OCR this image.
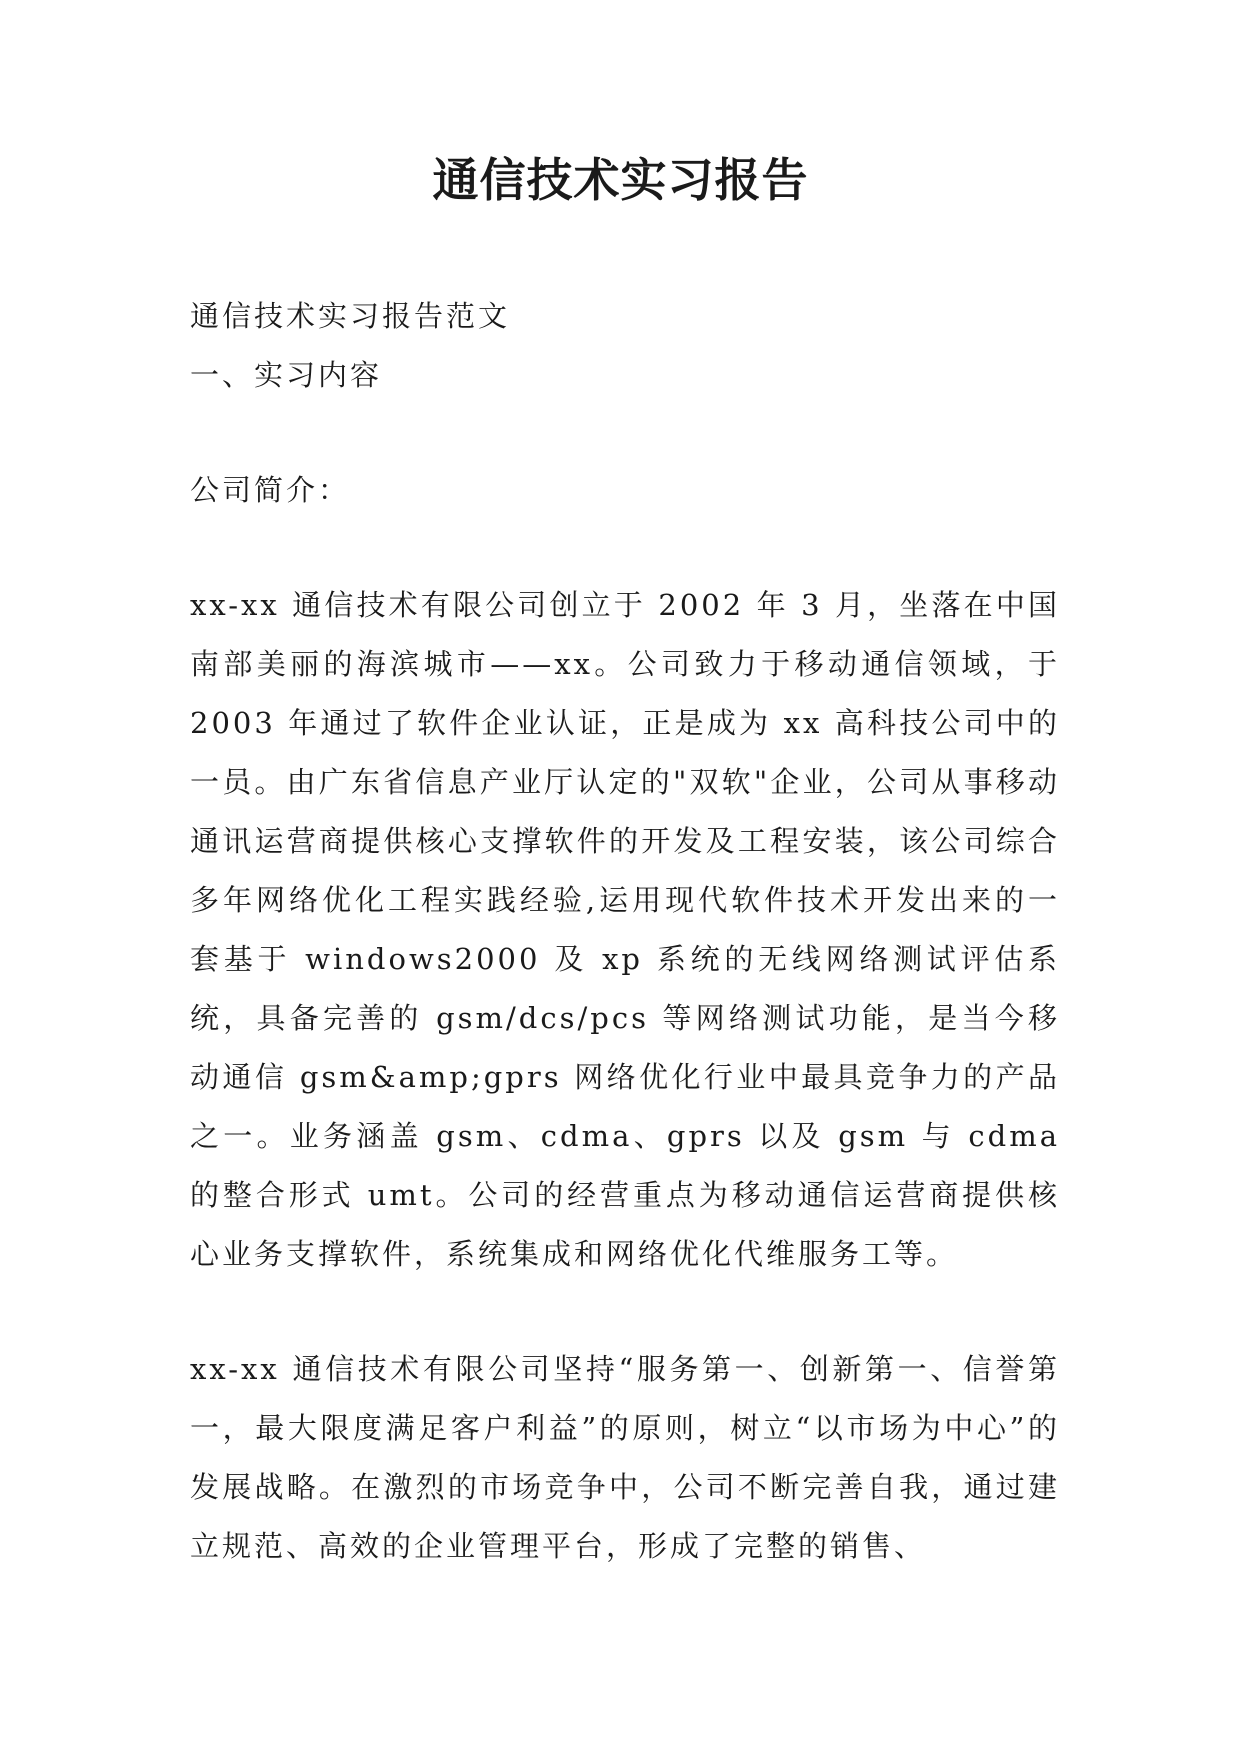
通信技术实习报告

通信技术实习报告范文

一、实习内容

公司简介：

xx-xx 通信技术有限公司创立于 2002 年 3 月，坐落在中国南部美丽的海滨城市——xx。公司致力于移动通信领域，于 2003 年通过了软件企业认证，正是成为 xx 高科技公司中的一员。由广东省信息产业厅认定的"双软"企业，公司从事移动通讯运营商提供核心支撑软件的开发及工程安装，该公司综合多年网络优化工程实践经验,运用现代软件技术开发出来的一套基于 windows2000 及 xp 系统的无线网络测试评估系统，具备完善的 gsm/dcs/pcs 等网络测试功能，是当今移动通信 gsm&amp;gprs 网络优化行业中最具竞争力的产品之一。业务涵盖 gsm、cdma、gprs 以及 gsm 与 cdma 的整合形式 umt。公司的经营重点为移动通信运营商提供核心业务支撑软件，系统集成和网络优化代维服务工等。

xx-xx 通信技术有限公司坚持“服务第一、创新第一、信誉第一，最大限度满足客户利益”的原则，树立“以市场为中心”的发展战略。在激烈的市场竞争中，公司不断完善自我，通过建立规范、高效的企业管理平台，形成了完整的销售、
